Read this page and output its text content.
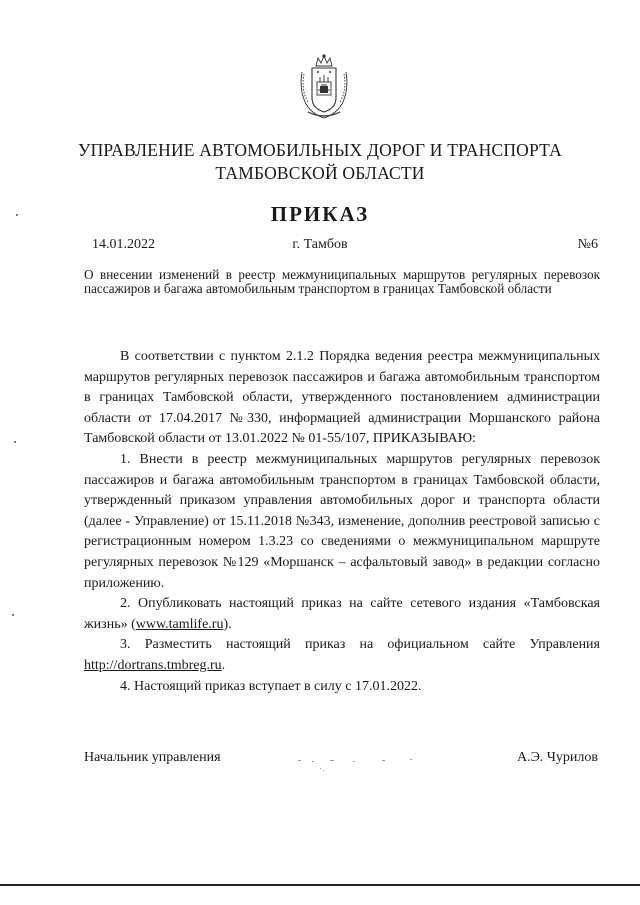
УПРАВЛЕНИЕ АВТОМОБИЛЬНЫХ ДОРОГ И ТРАНСПОРТА
ТАМБОВСКОЙ ОБЛАСТИ
ПРИКАЗ
14.01.2022	г. Тамбов	№6
О внесении изменений в реестр межмуниципальных маршрутов регулярных перевозок пассажиров и багажа автомобильным транспортом в границах Тамбовской области

В соответствии с пунктом 2.1.2 Порядка ведения реестра межмуниципальных маршрутов регулярных перевозок пассажиров и багажа автомобильным транспортом в границах Тамбовской области, утвержденного постановлением администрации области от 17.04.2017 №330, информацией администрации Моршанского района Тамбовской области от 13.01.2022 № 01-55/107, ПРИКАЗЫВАЮ:

1. Внести в реестр межмуниципальных маршрутов регулярных перевозок пассажиров и багажа автомобильным транспортом в границах Тамбовской области, утвержденный приказом управления автомобильных дорог и транспорта области (далее - Управление) от 15.11.2018 №343, изменение, дополнив реестровой записью с регистрационным номером 1.3.23 со сведениями о межмуниципальном маршруте регулярных перевозок №129 «Моршанск – асфальтовый завод» в редакции согласно приложению.

2. Опубликовать настоящий приказ на сайте сетевого издания «Тамбовская жизнь» (www.tamlife.ru).

3. Разместить настоящий приказ на официальном сайте Управления http://dortrans.tmbreg.ru.

4. Настоящий приказ вступает в силу с 17.01.2022.

Начальник управления	А.Э. Чурилов
